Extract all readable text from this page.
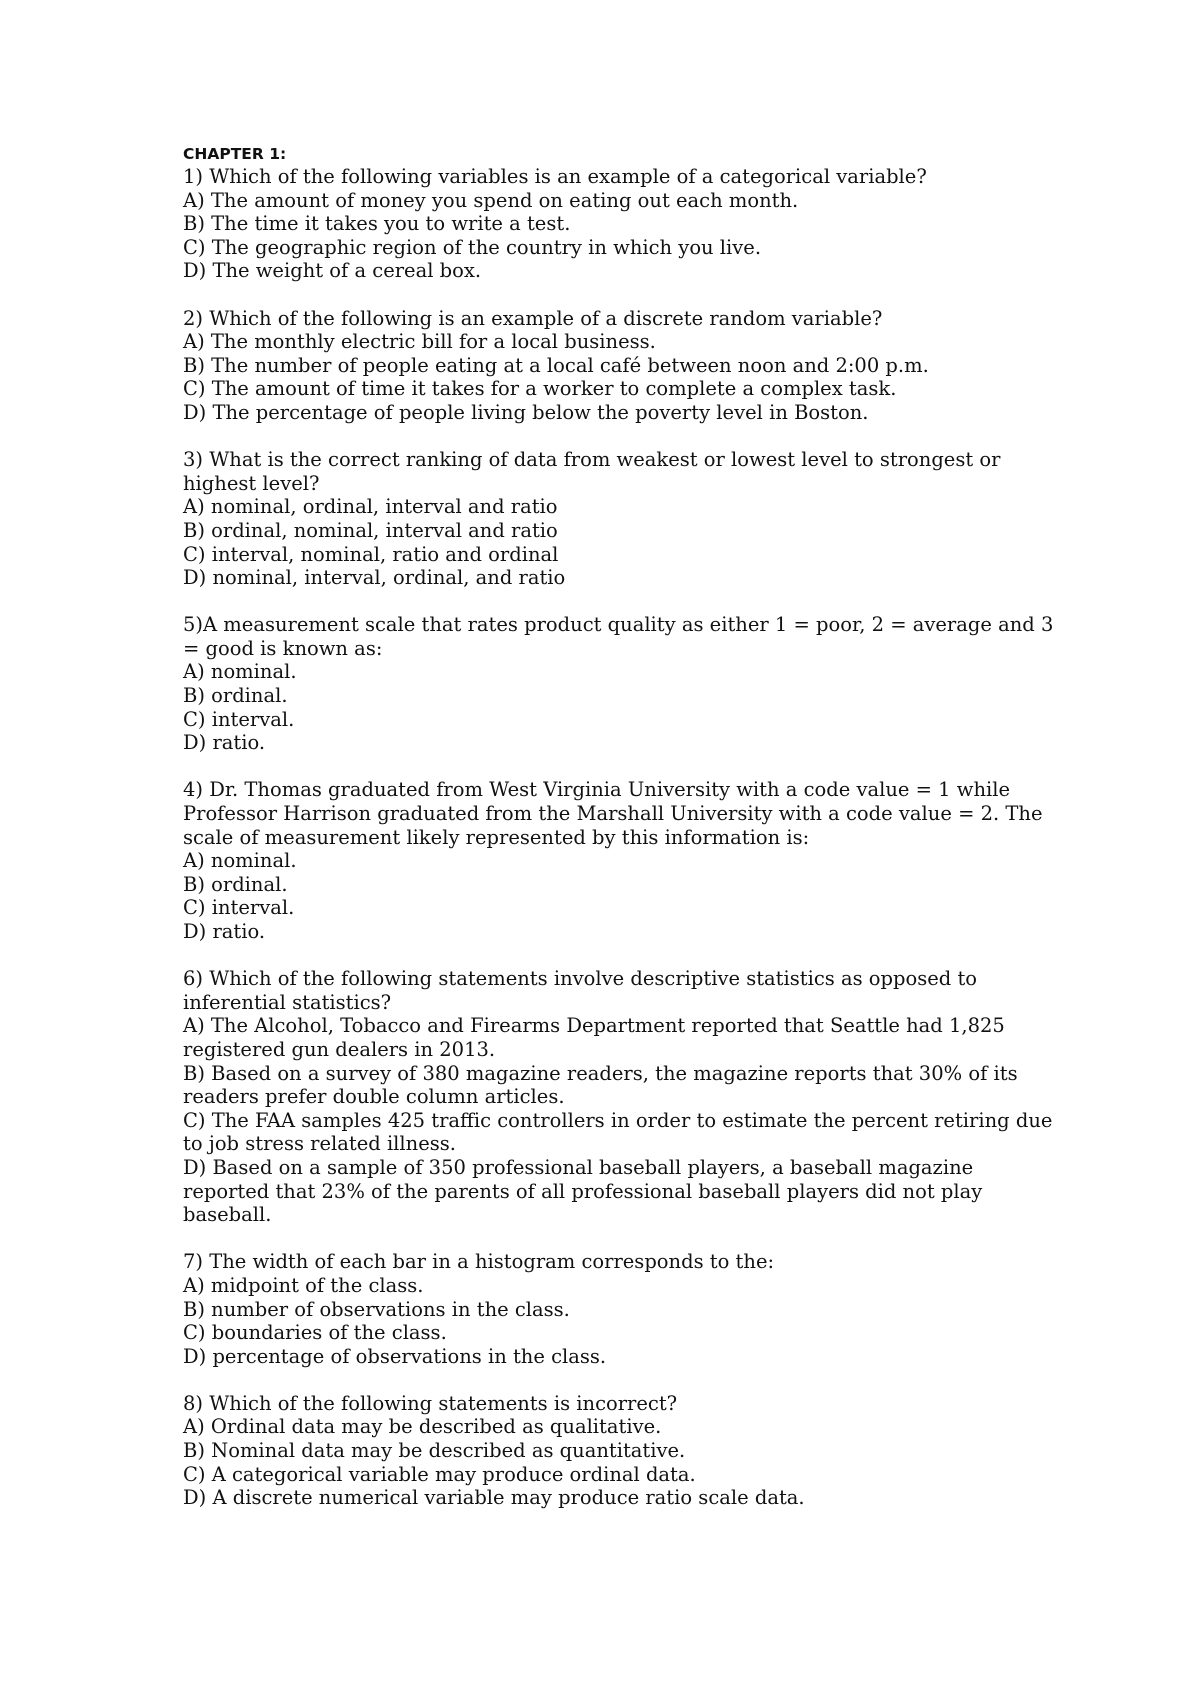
CHAPTER 1:
1) Which of the following variables is an example of a categorical variable?
A) The amount of money you spend on eating out each month.
B) The time it takes you to write a test.
C) The geographic region of the country in which you live.
D) The weight of a cereal box.
2) Which of the following is an example of a discrete random variable?
A) The monthly electric bill for a local business.
B) The number of people eating at a local café between noon and 2:00 p.m.
C) The amount of time it takes for a worker to complete a complex task.
D) The percentage of people living below the poverty level in Boston.
3) What is the correct ranking of data from weakest or lowest level to strongest or highest level?
A) nominal, ordinal, interval and ratio
B) ordinal, nominal, interval and ratio
C) interval, nominal, ratio and ordinal
D) nominal, interval, ordinal, and ratio
5)A measurement scale that rates product quality as either 1 = poor, 2 = average and 3 = good is known as:
A) nominal.
B) ordinal.
C) interval.
D) ratio.
4) Dr. Thomas graduated from West Virginia University with a code value = 1 while Professor Harrison graduated from the Marshall University with a code value = 2. The scale of measurement likely represented by this information is:
A) nominal.
B) ordinal.
C) interval.
D) ratio.
6) Which of the following statements involve descriptive statistics as opposed to inferential statistics?
A) The Alcohol, Tobacco and Firearms Department reported that Seattle had 1,825 registered gun dealers in 2013.
B) Based on a survey of 380 magazine readers, the magazine reports that 30% of its readers prefer double column articles.
C) The FAA samples 425 traffic controllers in order to estimate the percent retiring due to job stress related illness.
D) Based on a sample of 350 professional baseball players, a baseball magazine reported that 23% of the parents of all professional baseball players did not play baseball.
7) The width of each bar in a histogram corresponds to the:
A) midpoint of the class.
B) number of observations in the class.
C) boundaries of the class.
D) percentage of observations in the class.
8) Which of the following statements is incorrect?
A) Ordinal data may be described as qualitative.
B) Nominal data may be described as quantitative.
C) A categorical variable may produce ordinal data.
D) A discrete numerical variable may produce ratio scale data.
